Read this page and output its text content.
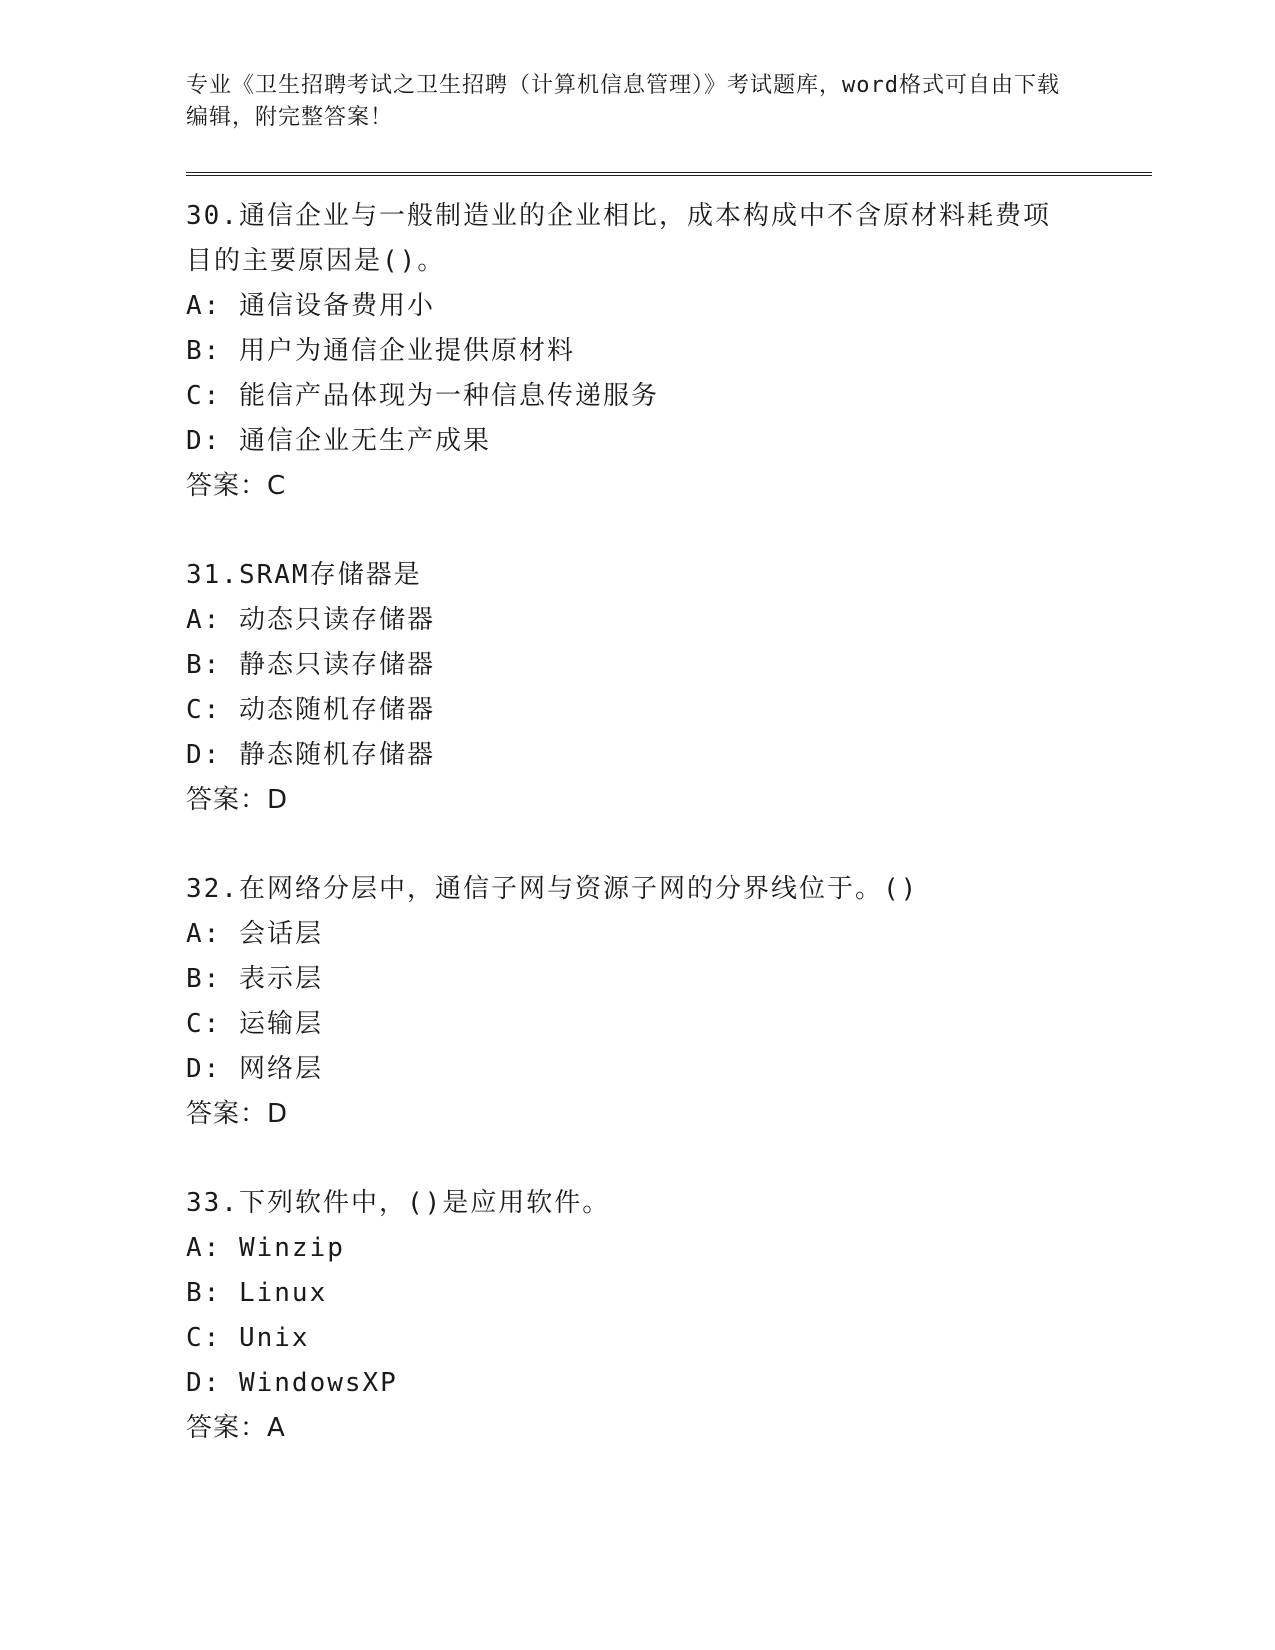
专业《卫生招聘考试之卫生招聘（计算机信息管理）》考试题库，word格式可自由下载编辑，附完整答案！

30.通信企业与一般制造业的企业相比，成本构成中不含原材料耗费项目的主要原因是()。

A: 通信设备费用小

B: 用户为通信企业提供原材料

C: 能信产品体现为一种信息传递服务

D: 通信企业无生产成果

答案：C

31.SRAM存储器是

A: 动态只读存储器

B: 静态只读存储器

C: 动态随机存储器

D: 静态随机存储器

答案：D

32.在网络分层中，通信子网与资源子网的分界线位于。()

A: 会话层

B: 表示层

C: 运输层

D: 网络层

答案：D

33.下列软件中，()是应用软件。

A: Winzip

B: Linux

C: Unix

D: WindowsXP

答案：A
